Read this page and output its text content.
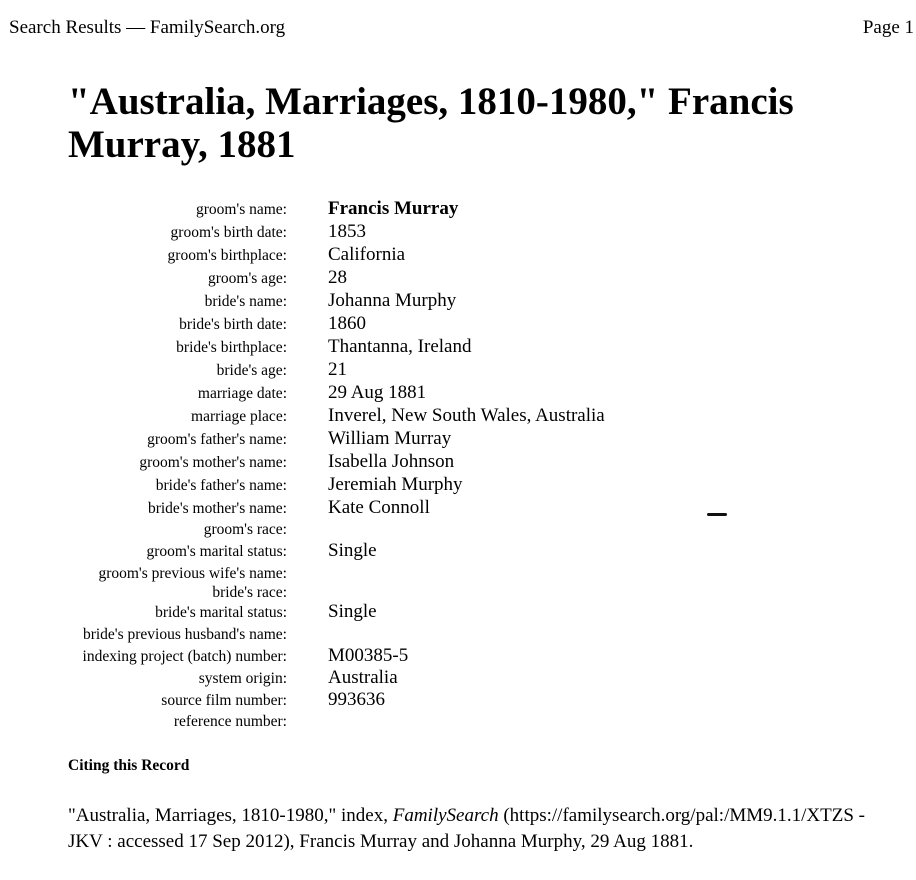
Search Results — FamilySearch.org	Page 1
"Australia, Marriages, 1810-1980," Francis Murray, 1881
groom's name: Francis Murray
groom's birth date: 1853
groom's birthplace: California
groom's age: 28
bride's name: Johanna Murphy
bride's birth date: 1860
bride's birthplace: Thantanna, Ireland
bride's age: 21
marriage date: 29 Aug 1881
marriage place: Inverel, New South Wales, Australia
groom's father's name: William Murray
groom's mother's name: Isabella Johnson
bride's father's name: Jeremiah Murphy
bride's mother's name: Kate Connoll
groom's race:
groom's marital status: Single
groom's previous wife's name:
bride's race:
bride's marital status: Single
bride's previous husband's name:
indexing project (batch) number: M00385-5
system origin: Australia
source film number: 993636
reference number:
Citing this Record
"Australia, Marriages, 1810-1980," index, FamilySearch (https://familysearch.org/pal:/MM9.1.1/XTZS -JKV : accessed 17 Sep 2012), Francis Murray and Johanna Murphy, 29 Aug 1881.
